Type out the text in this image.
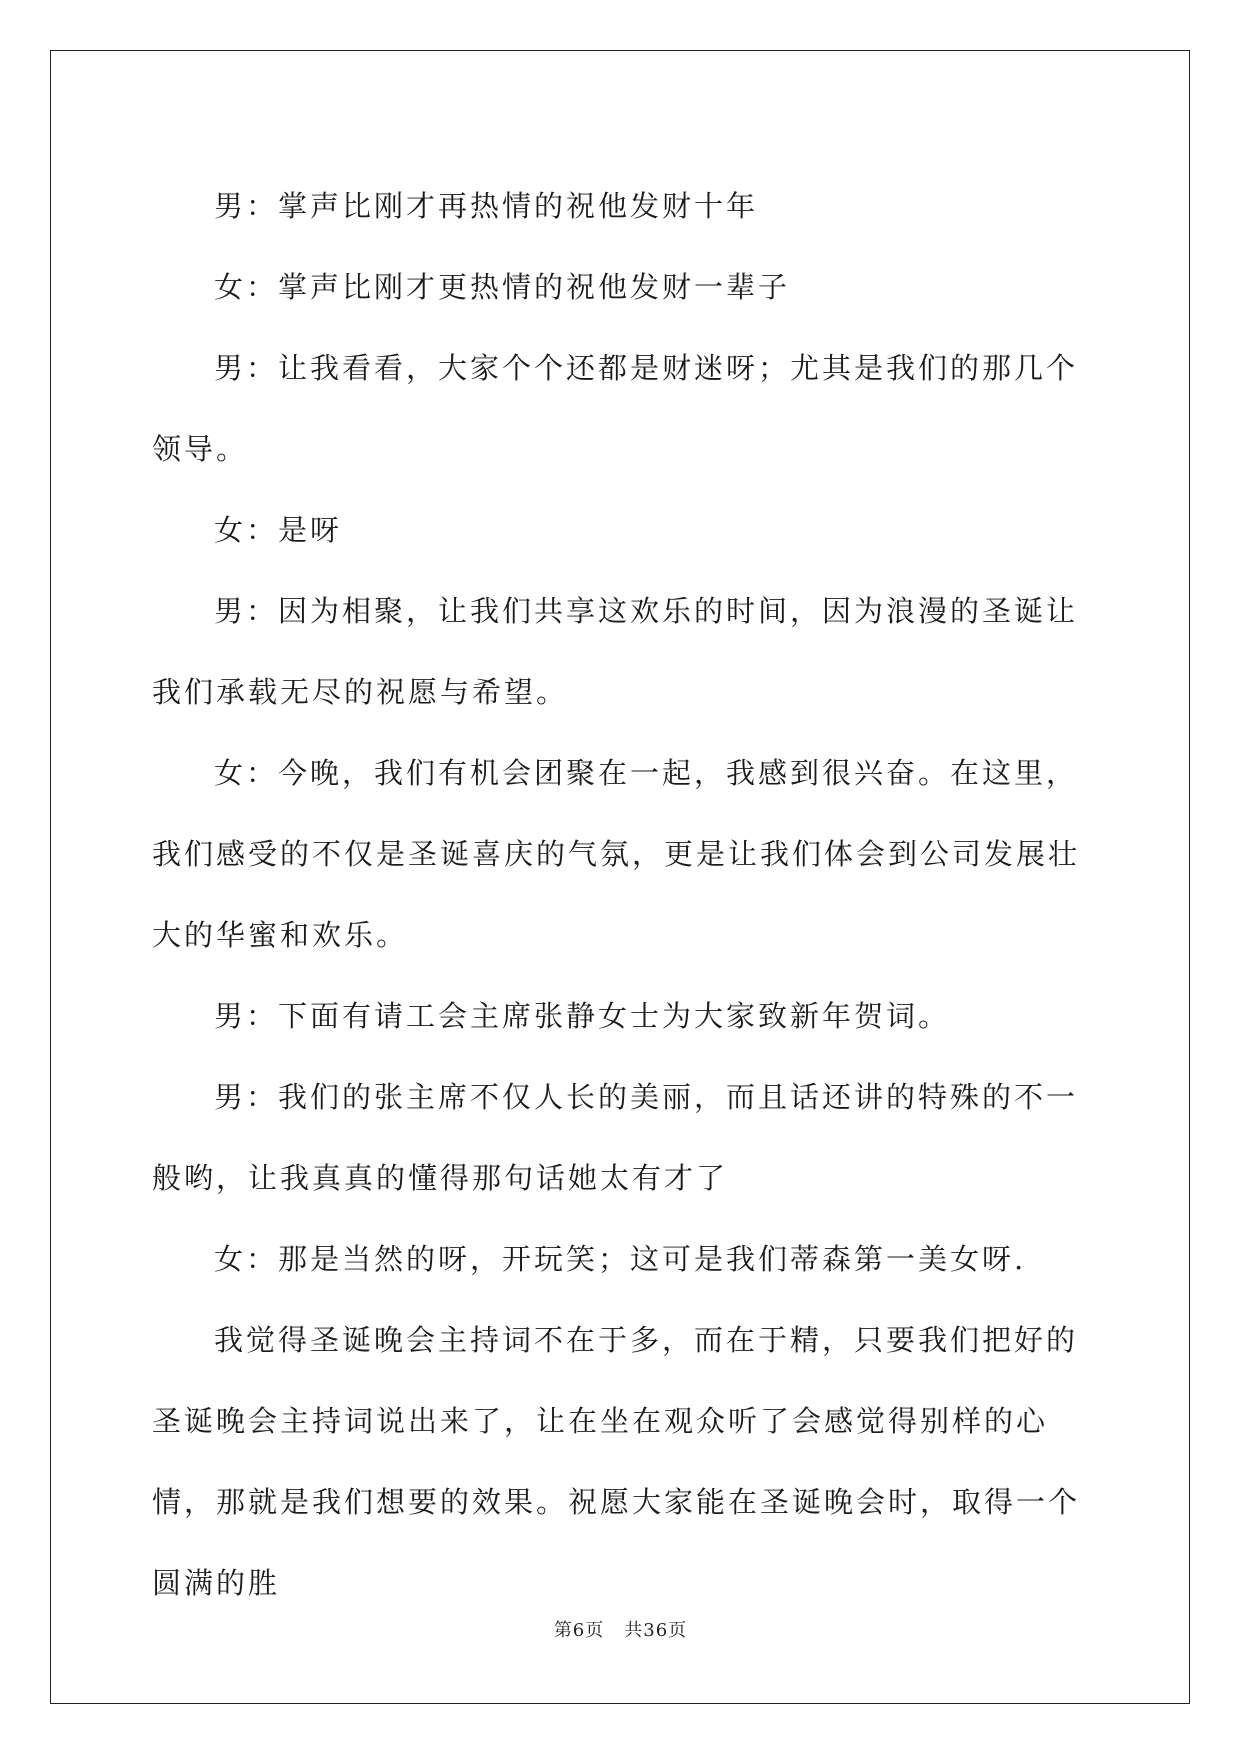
男：掌声比刚才再热情的祝他发财十年

女：掌声比刚才更热情的祝他发财一辈子

男：让我看看，大家个个还都是财迷呀；尤其是我们的那几个领导。

女：是呀

男：因为相聚，让我们共享这欢乐的时间，因为浪漫的圣诞让我们承载无尽的祝愿与希望。

女：今晚，我们有机会团聚在一起，我感到很兴奋。在这里，我们感受的不仅是圣诞喜庆的气氛，更是让我们体会到公司发展壮大的华蜜和欢乐。

男：下面有请工会主席张静女士为大家致新年贺词。

男：我们的张主席不仅人长的美丽，而且话还讲的特殊的不一般哟，让我真真的懂得那句话她太有才了

女：那是当然的呀，开玩笑；这可是我们蒂森第一美女呀.

我觉得圣诞晚会主持词不在于多，而在于精，只要我们把好的圣诞晚会主持词说出来了，让在坐在观众听了会感觉得别样的心情，那就是我们想要的效果。祝愿大家能在圣诞晚会时，取得一个圆满的胜

第6页 共36页
